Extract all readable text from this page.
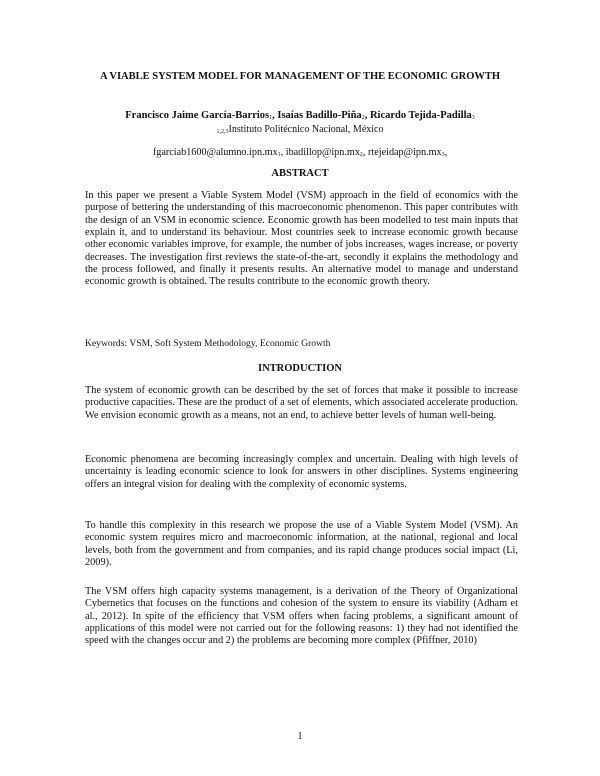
A VIABLE SYSTEM MODEL FOR MANAGEMENT OF THE ECONOMIC GROWTH
Francisco Jaime García-Barrios1, Isaías Badillo-Piña2, Ricardo Tejida-Padilla3
1,2,3Instituto Politécnico Nacional, México
fgarciab1600@alumno.ipn.mx1, ibadillop@ipn.mx2, rtejeidap@ipn.mx3,
ABSTRACT

In this paper we present a Viable System Model (VSM) approach in the field of economics with the purpose of bettering the understanding of this macroeconomic phenomenon. This paper contributes with the design of an VSM in economic science. Economic growth has been modelled to test main inputs that explain it, and to understand its behaviour. Most countries seek to increase economic growth because other economic variables improve, for example, the number of jobs increases, wages increase, or poverty decreases. The investigation first reviews the state-of-the-art, secondly it explains the methodology and the process followed, and finally it presents results. An alternative model to manage and understand economic growth is obtained. The results contribute to the economic growth theory.

Keywords: VSM, Soft System Methodology, Economic Growth
INTRODUCTION

The system of economic growth can be described by the set of forces that make it possible to increase productive capacities. These are the product of a set of elements, which associated accelerate production. We envision economic growth as a means, not an end, to achieve better levels of human well-being.

Economic phenomena are becoming increasingly complex and uncertain. Dealing with high levels of uncertainty is leading economic science to look for answers in other disciplines. Systems engineering offers an integral vision for dealing with the complexity of economic systems.

To handle this complexity in this research we propose the use of a Viable System Model (VSM). An economic system requires micro and macroeconomic information, at the national, regional and local levels, both from the government and from companies, and its rapid change produces social impact (Li, 2009).

The VSM offers high capacity systems management, is a derivation of the Theory of Organizational Cybernetics that focuses on the functions and cohesion of the system to ensure its viability (Adham et al., 2012). In spite of the efficiency that VSM offers when facing problems, a significant amount of applications of this model were not carried out for the following reasons: 1) they had not identified the speed with the changes occur and 2) the problems are becoming more complex (Pfiffner, 2010)

1
